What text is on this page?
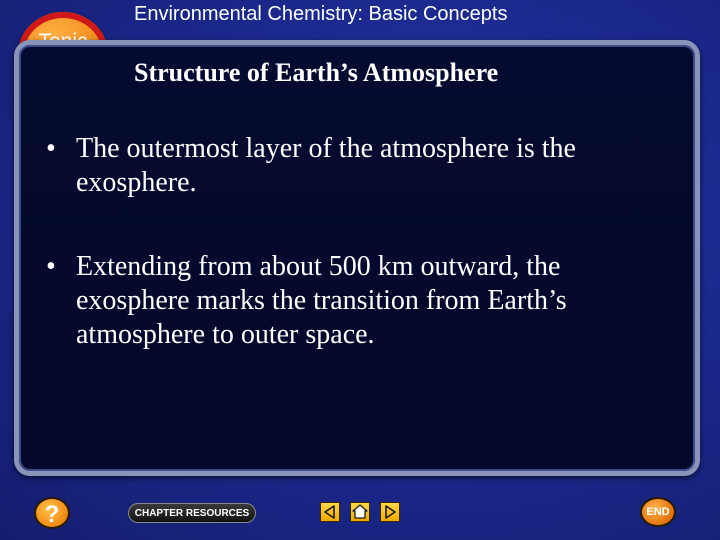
Environmental Chemistry: Basic Concepts
Structure of Earth’s Atmosphere
• The outermost layer of the atmosphere is the exosphere.
• Extending from about 500 km outward, the exosphere marks the transition from Earth’s atmosphere to outer space.
?	CHAPTER RESOURCES	END
